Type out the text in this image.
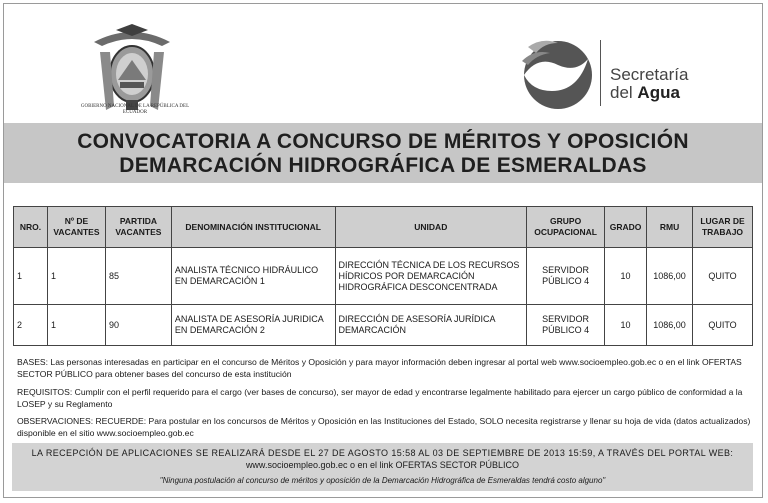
GOBIERNO NACIONAL DE LA REPÚBLICA DEL ECUADOR
Secretaría
del Agua
CONVOCATORIA A CONCURSO DE MÉRITOS Y OPOSICIÓN
DEMARCACIÓN HIDROGRÁFICA DE ESMERALDAS
NRO.	Nº DE VACANTES	PARTIDA VACANTES	DENOMINACIÓN INSTITUCIONAL	UNIDAD	GRUPO OCUPACIONAL	GRADO	RMU	LUGAR DE TRABAJO
1	1	85	ANALISTA TÉCNICO HIDRÁULICO EN DEMARCACIÓN 1	DIRECCIÓN TÉCNICA DE LOS RECURSOS HÍDRICOS POR DEMARCACIÓN HIDROGRÁFICA DESCONCENTRADA	SERVIDOR PÚBLICO 4	10	1086,00	QUITO
2	1	90	ANALISTA DE ASESORÍA JURIDICA EN DEMARCACIÓN 2	DIRECCIÓN DE ASESORÍA JURÍDICA DEMARCACIÓN	SERVIDOR PÚBLICO 4	10	1086,00	QUITO
BASES: Las personas interesadas en participar en el concurso de Méritos y Oposición y para mayor información deben ingresar al portal web www.socioempleo.gob.ec o en el link OFERTAS SECTOR PÚBLICO para obtener bases del concurso de esta institución
REQUISITOS: Cumplir con el perfil requerido para el cargo (ver bases de concurso), ser mayor de edad y encontrarse legalmente habilitado para ejercer un cargo público de conformidad a la LOSEP y su Reglamento
OBSERVACIONES: RECUERDE: Para postular en los concursos de Méritos y Oposición en las Instituciones del Estado, SOLO necesita registrarse y llenar su hoja de vida (datos actualizados) disponible en el sitio www.socioempleo.gob.ec
LA RECEPCIÓN DE APLICACIONES SE REALIZARÁ DESDE EL 27 DE AGOSTO 15:58 AL 03 DE SEPTIEMBRE DE 2013 15:59, A TRAVÉS DEL PORTAL WEB:
www.socioempleo.gob.ec o en el link OFERTAS SECTOR PÚBLICO
"Ninguna postulación al concurso de méritos y oposición de la Demarcación Hidrográfica de Esmeraldas tendrá costo alguno"
